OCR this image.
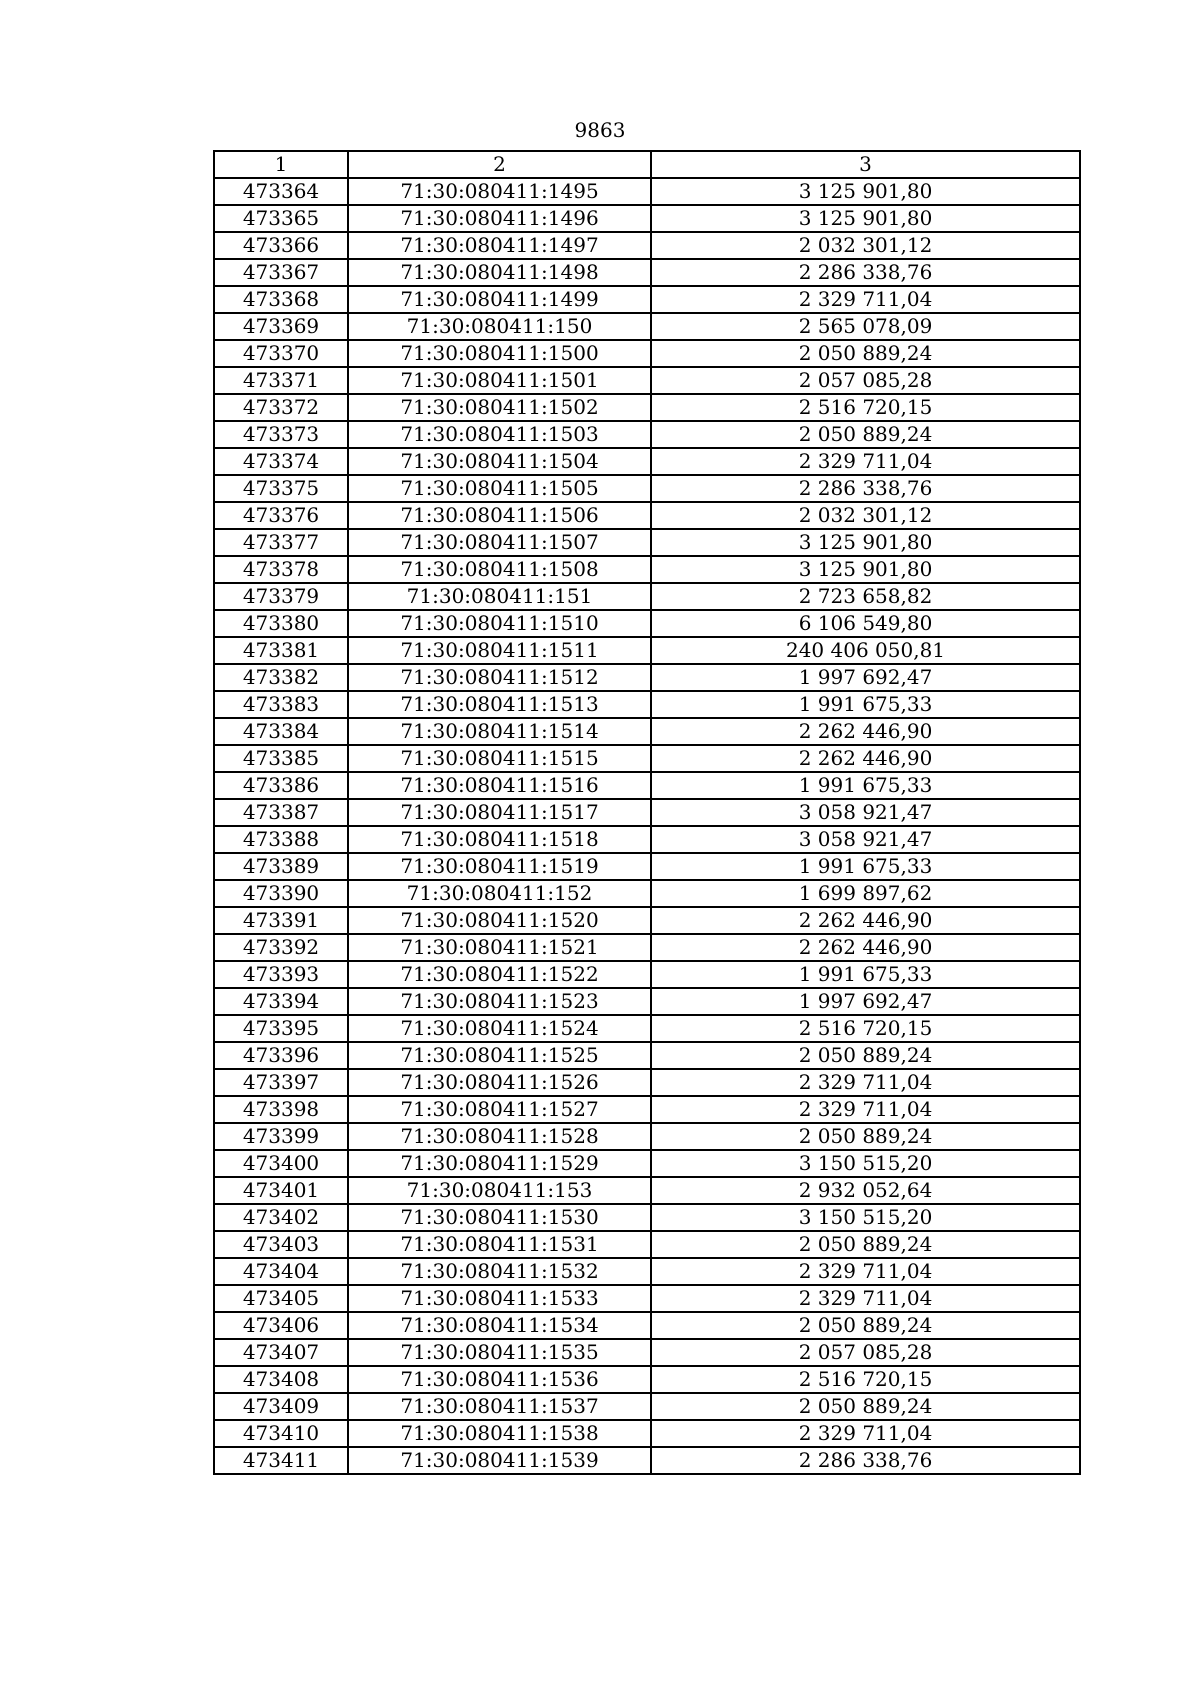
9863
1	2	3
473364	71:30:080411:1495	3 125 901,80
473365	71:30:080411:1496	3 125 901,80
473366	71:30:080411:1497	2 032 301,12
473367	71:30:080411:1498	2 286 338,76
473368	71:30:080411:1499	2 329 711,04
473369	71:30:080411:150	2 565 078,09
473370	71:30:080411:1500	2 050 889,24
473371	71:30:080411:1501	2 057 085,28
473372	71:30:080411:1502	2 516 720,15
473373	71:30:080411:1503	2 050 889,24
473374	71:30:080411:1504	2 329 711,04
473375	71:30:080411:1505	2 286 338,76
473376	71:30:080411:1506	2 032 301,12
473377	71:30:080411:1507	3 125 901,80
473378	71:30:080411:1508	3 125 901,80
473379	71:30:080411:151	2 723 658,82
473380	71:30:080411:1510	6 106 549,80
473381	71:30:080411:1511	240 406 050,81
473382	71:30:080411:1512	1 997 692,47
473383	71:30:080411:1513	1 991 675,33
473384	71:30:080411:1514	2 262 446,90
473385	71:30:080411:1515	2 262 446,90
473386	71:30:080411:1516	1 991 675,33
473387	71:30:080411:1517	3 058 921,47
473388	71:30:080411:1518	3 058 921,47
473389	71:30:080411:1519	1 991 675,33
473390	71:30:080411:152	1 699 897,62
473391	71:30:080411:1520	2 262 446,90
473392	71:30:080411:1521	2 262 446,90
473393	71:30:080411:1522	1 991 675,33
473394	71:30:080411:1523	1 997 692,47
473395	71:30:080411:1524	2 516 720,15
473396	71:30:080411:1525	2 050 889,24
473397	71:30:080411:1526	2 329 711,04
473398	71:30:080411:1527	2 329 711,04
473399	71:30:080411:1528	2 050 889,24
473400	71:30:080411:1529	3 150 515,20
473401	71:30:080411:153	2 932 052,64
473402	71:30:080411:1530	3 150 515,20
473403	71:30:080411:1531	2 050 889,24
473404	71:30:080411:1532	2 329 711,04
473405	71:30:080411:1533	2 329 711,04
473406	71:30:080411:1534	2 050 889,24
473407	71:30:080411:1535	2 057 085,28
473408	71:30:080411:1536	2 516 720,15
473409	71:30:080411:1537	2 050 889,24
473410	71:30:080411:1538	2 329 711,04
473411	71:30:080411:1539	2 286 338,76
